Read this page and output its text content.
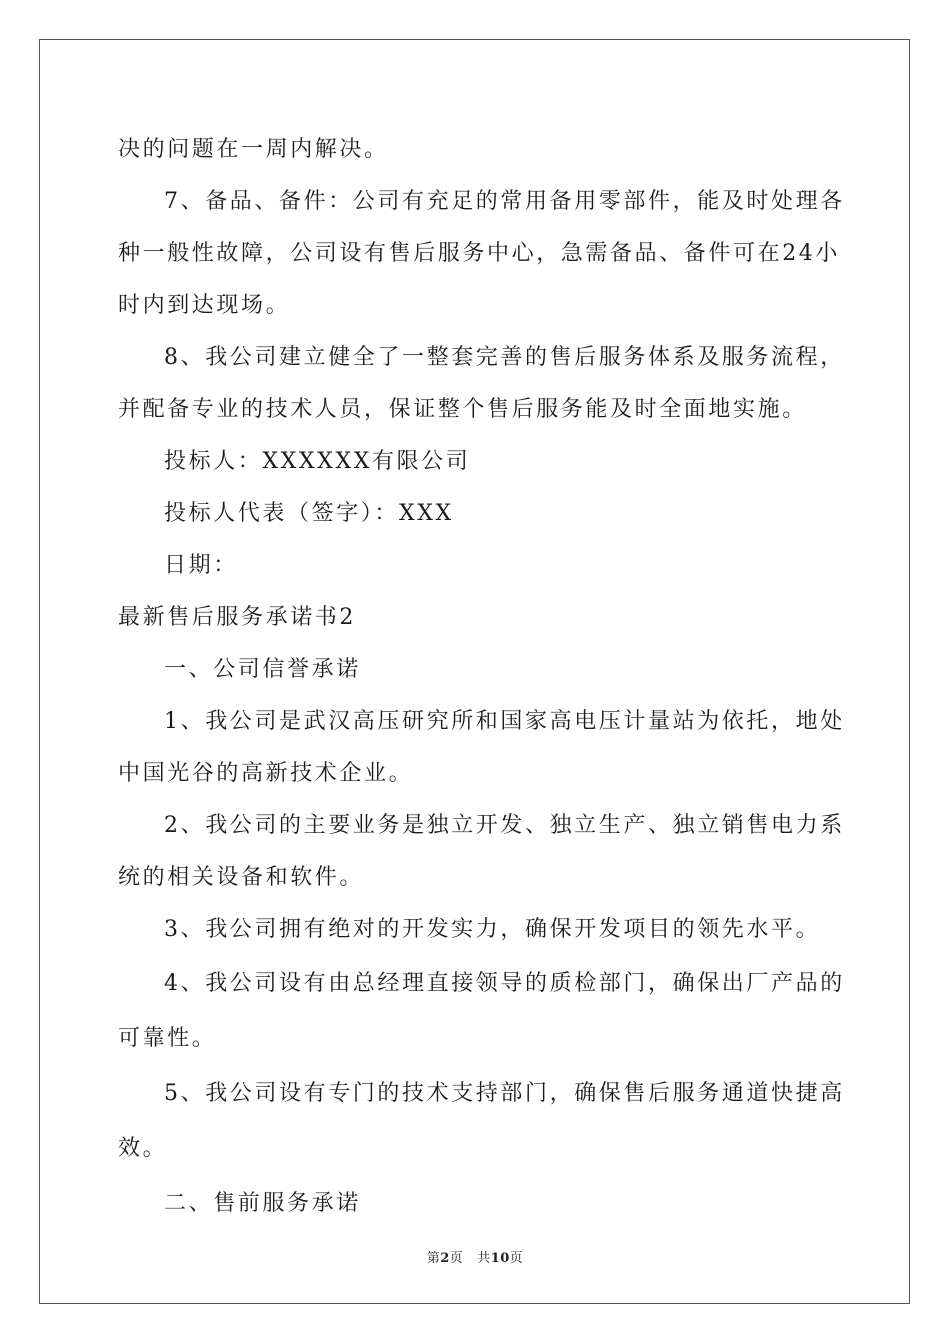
决的问题在一周内解决。
7、备品、备件：公司有充足的常用备用零部件，能及时处理各
种一般性故障，公司设有售后服务中心，急需备品、备件可在24小
时内到达现场。
8、我公司建立健全了一整套完善的售后服务体系及服务流程，
并配备专业的技术人员，保证整个售后服务能及时全面地实施。
投标人：XXXXXX有限公司
投标人代表（签字）：XXX
日期：
最新售后服务承诺书2
一、公司信誉承诺
1、我公司是武汉高压研究所和国家高电压计量站为依托，地处
中国光谷的高新技术企业。
2、我公司的主要业务是独立开发、独立生产、独立销售电力系
统的相关设备和软件。
3、我公司拥有绝对的开发实力，确保开发项目的领先水平。
4、我公司设有由总经理直接领导的质检部门，确保出厂产品的
可靠性。
5、我公司设有专门的技术支持部门，确保售后服务通道快捷高
效。
二、售前服务承诺
第2页 共10页
